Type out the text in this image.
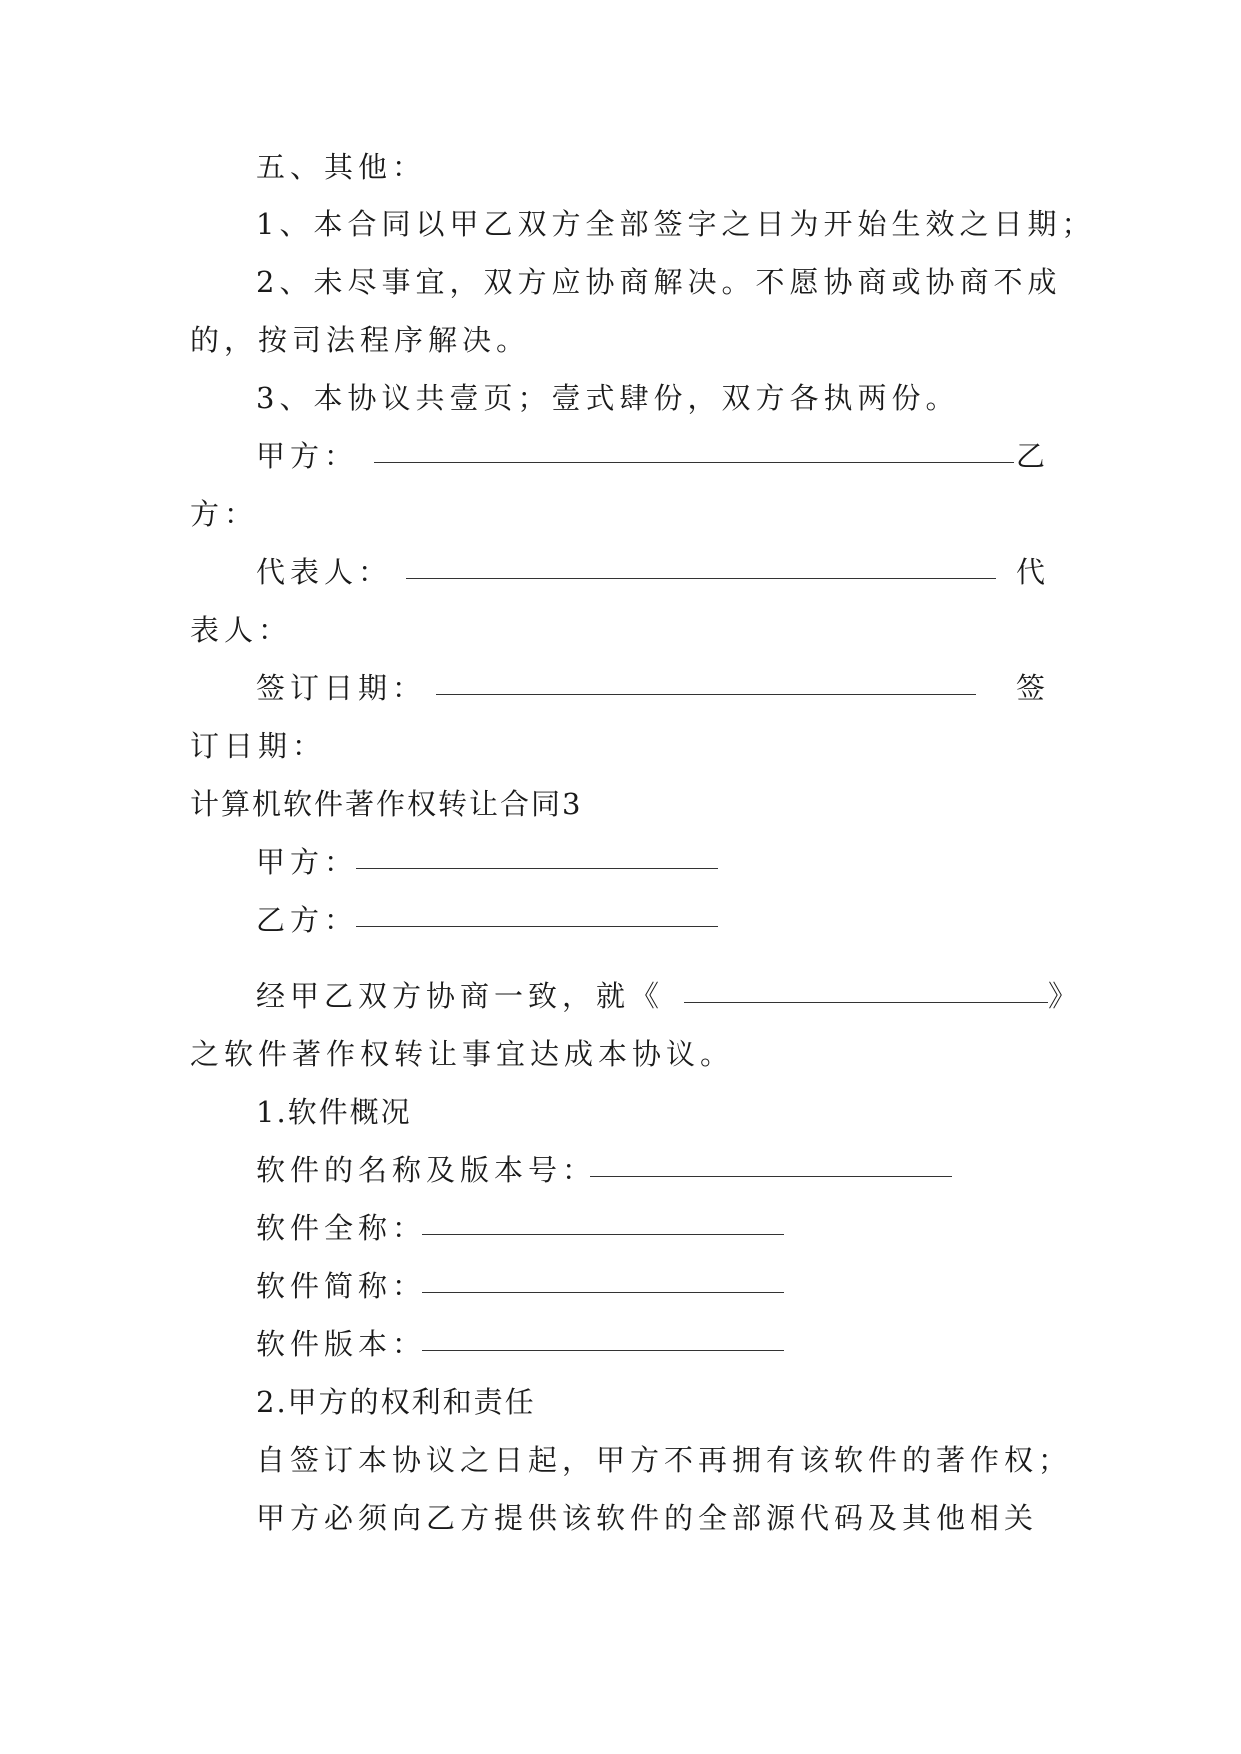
五、其他：
1、本合同以甲乙双方全部签字之日为开始生效之日期；
2、未尽事宜，双方应协商解决。不愿协商或协商不成
的，按司法程序解决。
3、本协议共壹页；壹式肆份，双方各执两份。
甲方：	乙
方：
代表人：	代
表人：
签订日期：	签
订日期：
计算机软件著作权转让合同3
甲方：
乙方：
经甲乙双方协商一致，就《	》
之软件著作权转让事宜达成本协议。
1.软件概况
软件的名称及版本号：
软件全称：
软件简称：
软件版本：
2.甲方的权利和责任
自签订本协议之日起，甲方不再拥有该软件的著作权；
甲方必须向乙方提供该软件的全部源代码及其他相关
